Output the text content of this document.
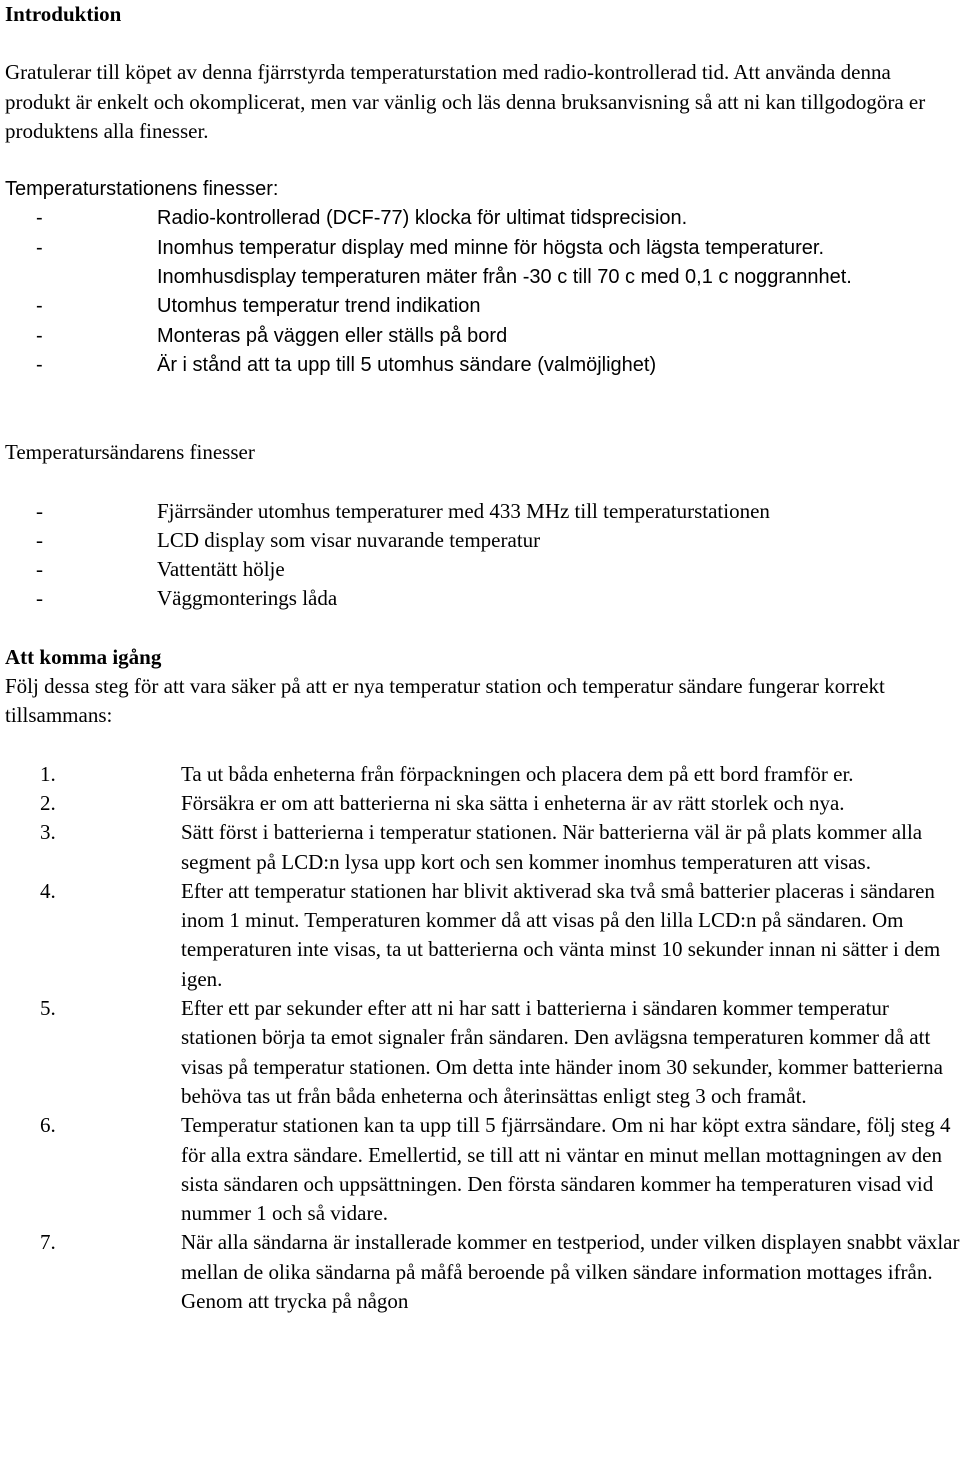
Introduktion

Gratulerar till köpet av denna fjärrstyrda temperaturstation med radio-kontrollerad tid. Att använda denna produkt är enkelt och okomplicerat, men var vänlig och läs denna bruksanvisning så att ni kan tillgodogöra er produktens alla finesser.

Temperaturstationens finesser:

-	Radio-kontrollerad (DCF-77) klocka för ultimat tidsprecision.
-	Inomhus temperatur display med minne för högsta och lägsta temperaturer. Inomhusdisplay temperaturen mäter från -30 c till 70 c med 0,1 c noggrannhet.
-	Utomhus temperatur trend indikation
-	Monteras på väggen eller ställs på bord
-	Är i stånd att ta upp till 5 utomhus sändare (valmöjlighet)

Temperatursändarens finesser

-	Fjärrsänder utomhus temperaturer med 433 MHz till temperaturstationen
-	LCD display som visar nuvarande temperatur
-	Vattentätt hölje
-	Väggmonterings låda

Att komma igång

Följ dessa steg för att vara säker på att er nya temperatur station och temperatur sändare fungerar korrekt tillsammans:

1.	Ta ut båda enheterna från förpackningen och placera dem på ett bord framför er.
2.	Försäkra er om att batterierna ni ska sätta i enheterna är av rätt storlek och nya.
3.	Sätt först i batterierna i temperatur stationen. När batterierna väl är på plats kommer alla segment på LCD:n lysa upp kort och sen kommer inomhus temperaturen att visas.
4.	Efter att temperatur stationen har blivit aktiverad ska två små batterier placeras i sändaren inom 1 minut. Temperaturen kommer då att visas på den lilla LCD:n på sändaren. Om temperaturen inte visas, ta ut batterierna och vänta minst 10 sekunder innan ni sätter i dem igen.
5.	Efter ett par sekunder efter att ni har satt i batterierna i sändaren kommer temperatur stationen börja ta emot signaler från sändaren. Den avlägsna temperaturen kommer då att visas på temperatur stationen. Om detta inte händer inom 30 sekunder, kommer batterierna behöva tas ut från båda enheterna och återinsättas enligt steg 3 och framåt.
6.	Temperatur stationen kan ta upp till 5 fjärrsändare. Om ni har köpt extra sändare, följ steg 4 för alla extra sändare. Emellertid, se till att ni väntar en minut mellan mottagningen av den sista sändaren och uppsättningen. Den första sändaren kommer ha temperaturen visad vid nummer 1 och så vidare.
7.	När alla sändarna är installerade kommer en testperiod, under vilken displayen snabbt växlar mellan de olika sändarna på måfå beroende på vilken sändare information mottages ifrån. Genom att trycka på någon
